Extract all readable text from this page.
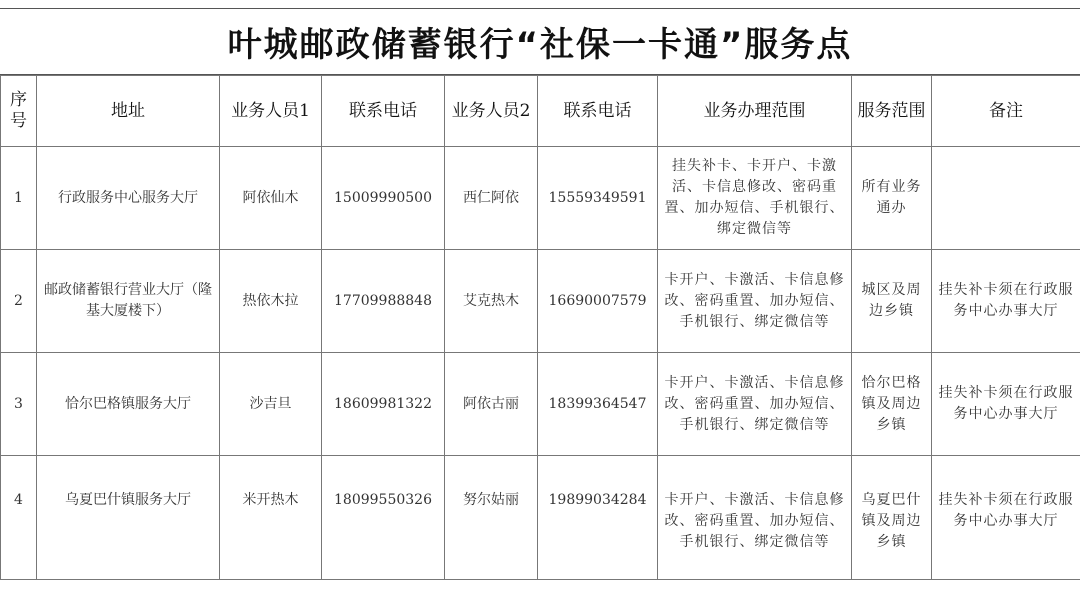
叶城邮政储蓄银行“社保一卡通”服务点
序号	地址	业务人员1	联系电话	业务人员2	联系电话	业务办理范围	服务范围	备注
1	行政服务中心服务大厅	阿依仙木	15009990500	西仁阿依	15559349591	挂失补卡、卡开户、卡激活、卡信息修改、密码重置、加办短信、手机银行、绑定微信等	所有业务通办	
2	邮政储蓄银行营业大厅（隆基大厦楼下）	热依木拉	17709988848	艾克热木	16690007579	卡开户、卡激活、卡信息修改、密码重置、加办短信、手机银行、绑定微信等	城区及周边乡镇	挂失补卡须在行政服务中心办事大厅
3	恰尔巴格镇服务大厅	沙吉旦	18609981322	阿依古丽	18399364547	卡开户、卡激活、卡信息修改、密码重置、加办短信、手机银行、绑定微信等	恰尔巴格镇及周边乡镇	挂失补卡须在行政服务中心办事大厅
4	乌夏巴什镇服务大厅	米开热木	18099550326	努尔姑丽	19899034284	卡开户、卡激活、卡信息修改、密码重置、加办短信、手机银行、绑定微信等	乌夏巴什镇及周边乡镇	挂失补卡须在行政服务中心办事大厅
